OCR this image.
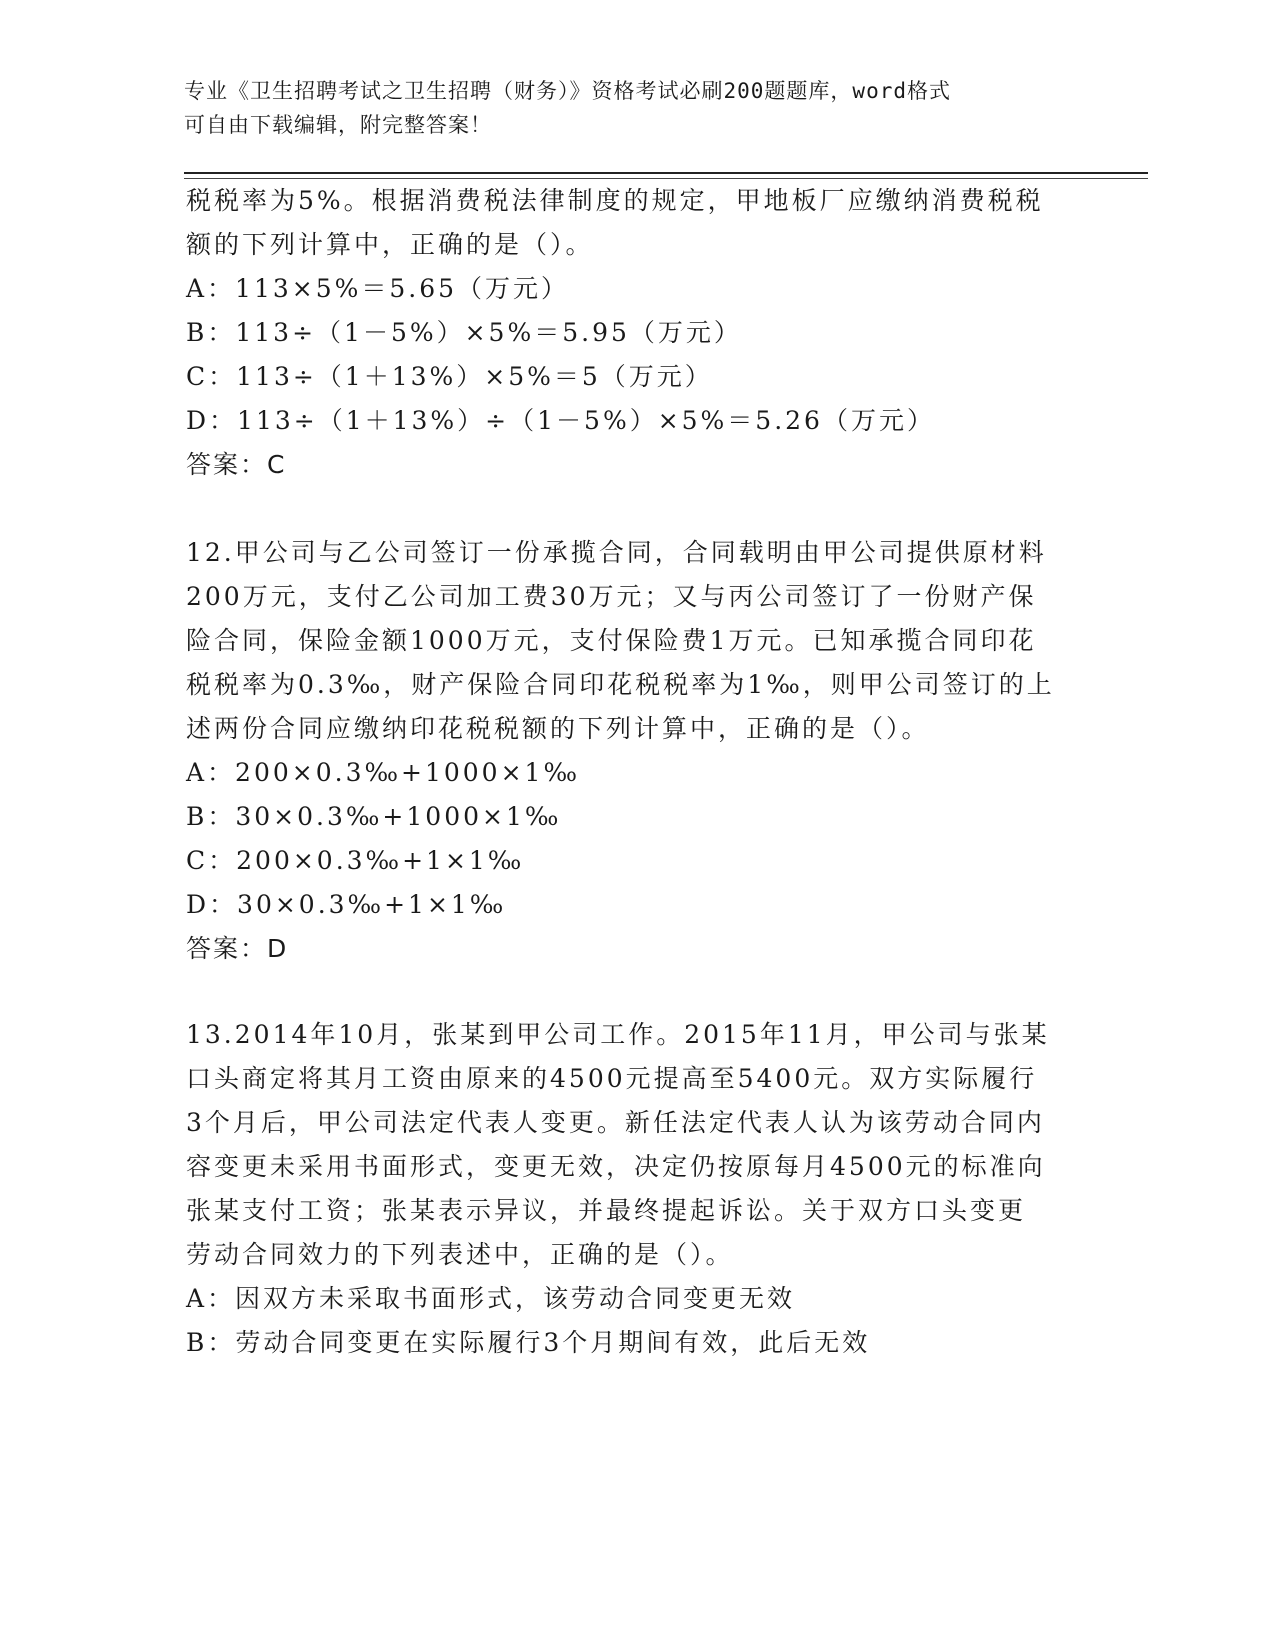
专业《卫生招聘考试之卫生招聘（财务）》资格考试必刷200题题库，word格式
可自由下载编辑，附完整答案！
税税率为5%。根据消费税法律制度的规定，甲地板厂应缴纳消费税税
额的下列计算中，正确的是（）。
A：113×5%＝5.65（万元）
B：113÷（1－5%）×5%＝5.95（万元）
C：113÷（1＋13%）×5%＝5（万元）
D：113÷（1＋13%）÷（1－5%）×5%＝5.26（万元）
答案：C
12.甲公司与乙公司签订一份承揽合同，合同载明由甲公司提供原材料
200万元，支付乙公司加工费30万元；又与丙公司签订了一份财产保
险合同，保险金额1000万元，支付保险费1万元。已知承揽合同印花
税税率为0.3‰，财产保险合同印花税税率为1‰，则甲公司签订的上
述两份合同应缴纳印花税税额的下列计算中，正确的是（）。
A：200×0.3‰+1000×1‰
B：30×0.3‰+1000×1‰
C：200×0.3‰+1×1‰
D：30×0.3‰+1×1‰
答案：D
13.2014年10月，张某到甲公司工作。2015年11月，甲公司与张某
口头商定将其月工资由原来的4500元提高至5400元。双方实际履行
3个月后，甲公司法定代表人变更。新任法定代表人认为该劳动合同内
容变更未采用书面形式，变更无效，决定仍按原每月4500元的标准向
张某支付工资；张某表示异议，并最终提起诉讼。关于双方口头变更
劳动合同效力的下列表述中，正确的是（）。
A：因双方未采取书面形式，该劳动合同变更无效
B：劳动合同变更在实际履行3个月期间有效，此后无效
